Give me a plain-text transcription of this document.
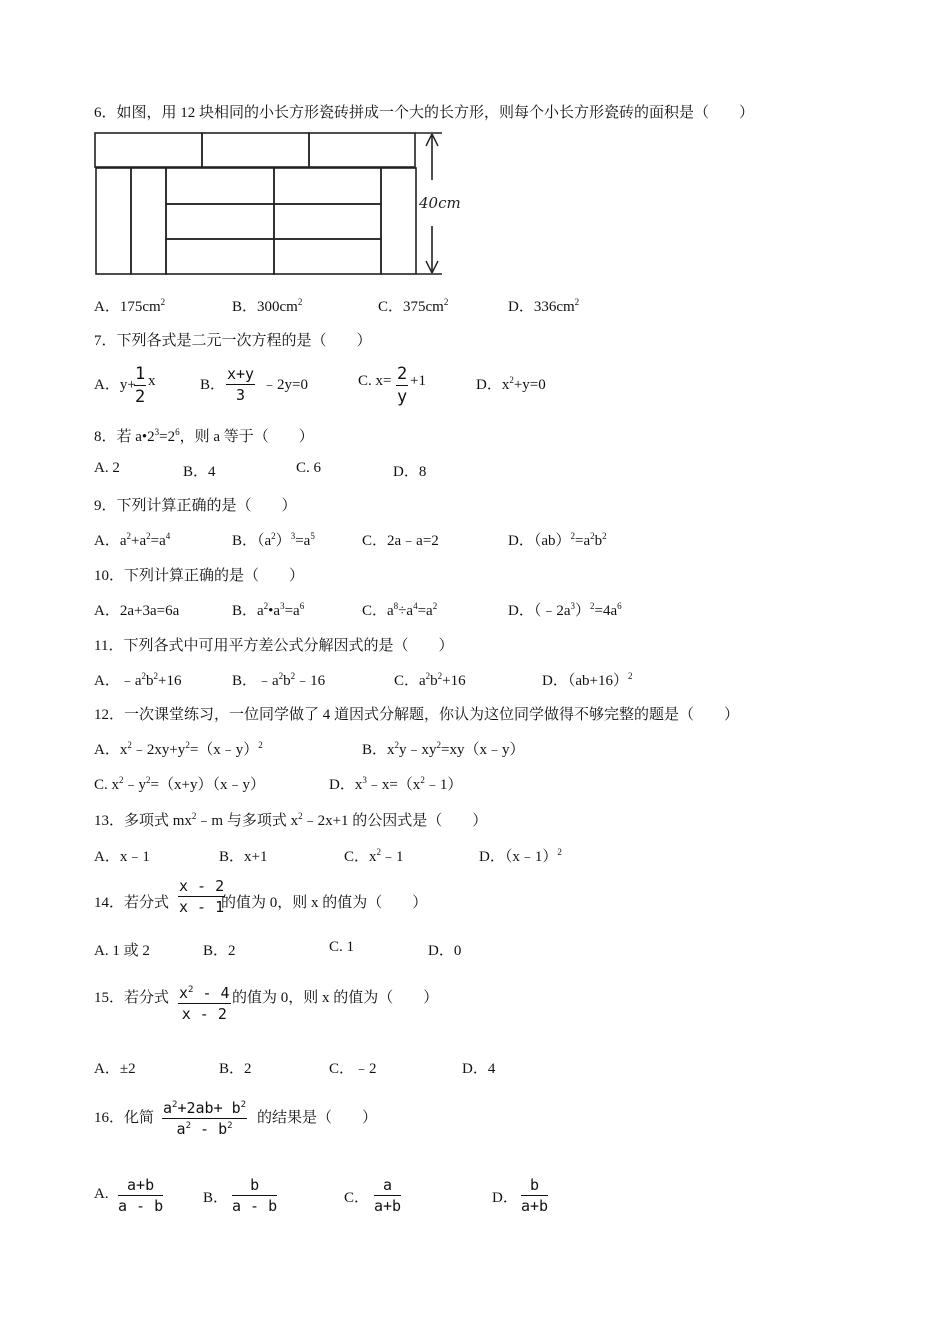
6．如图，用 12 块相同的小长方形瓷砖拼成一个大的长方形，则每个小长方形瓷砖的面积是（　　）
40cm
A．$175cm^2$	B．$300cm^2$	C．$375cm^2$	D．$336cm^2$
7．下列各式是二元一次方程的是（　　）
A．y+
$\frac{1}{2}$ x	B． $\frac{x+y}{3}$ ﹣2y=0	C. $x= \frac{2}{y} +1$	D．$x^2+y=0$
8．若 $a•2^3=2^6$，则 a 等于（　　）
A. 2	B．4	C. 6	D．8
9．下列计算正确的是（　　）
A．$a^2+a^2=a^4$	B．$(a^2)^3=a^5$	C．2a﹣a=2	D．$(ab)^2=a^2b^2$
10．下列计算正确的是（　　）
A．2a+3a=6a	B．$a^2•a^3=a^6$	C．$a^8\div a^4=a^2$	D．$(﹣2a^3)^2=4a^6$
11．下列各式中可用平方差公式分解因式的是（　　）
A．$﹣a^2b^2+16$	B．$﹣a^2b^2﹣16$	C．$a^2b^2+16$	D．$(ab+16)^2$
12．一次课堂练习，一位同学做了 4 道因式分解题，你认为这位同学做得不够完整的题是（　　）
A．$x^2﹣2xy+y^2=(x﹣y)^2$	B．$x^2y﹣xy^2=xy(x﹣y)$
C. $x^2﹣y^2=(x+y)(x﹣y)$	D．$x^3﹣x=(x^2﹣1)$
13．多项式 $mx^2﹣m$ 与多项式 $x^2﹣2x+1$ 的公因式是（　　）
A．x﹣1	B．x+1	C．$x^2﹣1$	D．（x﹣1）$^2$
14．若分式 $\frac{x - 2}{x - 1}$
的值为 0，则 x 的值为（　　）
A. 1 或 2	B．2	C. 1	D．0
15．若分式 $\frac{x^2 - 4}{x - 2}$ 的值为 0，则 x 的值为（　　）
A．±2	B．2	C．﹣2	D．4
16．化简 $\frac{a^2+2ab+ b^2}{a^2 - b^2}$ 的结果是（　　）
A. $\frac{a+b}{a - b}$	B． $\frac{b}{a - b}$	C． $\frac{a}{a+b}$	D． $\frac{b}{a+b}$
